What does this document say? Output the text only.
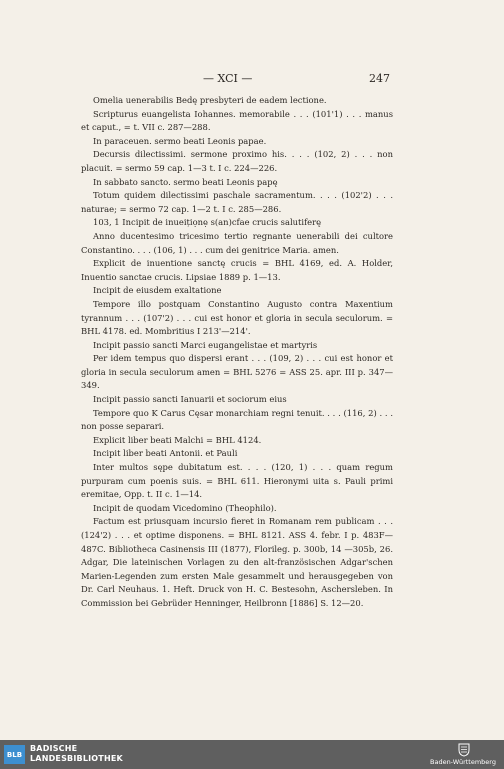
— XCI —	247

Omelia uenerabilis Bedę presbyteri de eadem lectione.

Scripturus euangelista Iohannes. memorabile . . . (101'1) . . . manus et caput., = t. VII c. 287—288.

In paraceuen. sermo beati Leonis papae.

Decursis dilectissimi. sermone proximo his. . . . (102, 2) . . . non placuit. = sermo 59 cap. 1—3 t. I c. 224—226.

In sabbato sancto. sermo beati Leonis papę

Totum quidem dilectissimi paschale sacramentum. . . . (102'2) . . . naturae; = sermo 72 cap. 1—2 t. I c. 285—286.

103, 1 Incipit de inueițiọnẹ s(an)cfae crucis salutiferę

Anno ducentesimo tricesimo tertio regnante uenerabili dei cultore Constantino. . . . (106, 1) . . . cum dei genitrice Maria. amen.

Explicit de inuentione sanctę crucis = BHL 4169, ed. A. Holder, Inuentio sanctae crucis. Lipsiae 1889 p. 1—13.

Incipit de eiusdem exaltatione

Tempore illo postquam Constantino Augusto contra Maxentium tyrannum . . . (107'2) . . . cui est honor et gloria in secula seculorum. = BHL 4178. ed. Mombritius I 213'—214'.

Incipit passio sancti Marci eugangelistae et martyris

Per idem tempus quo dispersi erant . . . (109, 2) . . . cui est honor et gloria in secula seculorum amen = BHL 5276 = ASS 25. apr. III p. 347—349.

Incipit passio sancti Ianuarii et sociorum eius

Tempore quo K Carus Cęsar monarchiam regni tenuit. . . . (116, 2) . . . non posse separari.

Explicit liber beati Malchi = BHL 4124.

Incipit liber beati Antonii. et Pauli

Inter multos sępe dubitatum est. . . . (120, 1) . . . quam regum purpuram cum poenis suis. = BHL 611. Hieronymi uita s. Pauli primi eremitae, Opp. t. II c. 1—14.

Incipit de quodam Vicedomino (Theophilo).

Factum est priusquam incursio fieret in Romanam rem publicam . . . (124'2) . . . et optime disponens. = BHL 8121. ASS 4. febr. I p. 483F—487C. Bibliotheca Casinensis III (1877), Florileg. p. 300b, 14 —305b, 26. Adgar, Die lateinischen Vorlagen zu den alt-französischen Adgar'schen Marien-Legenden zum ersten Male gesammelt und herausgegeben von Dr. Carl Neuhaus. 1. Heft. Druck von H. C. Bestesohn, Aschersleben. In Commission bei Gebrüder Henninger, Heilbronn [1886] S. 12—20.

BLB
BADISCHE
LANDESBIBLIOTHEK	Baden-Württemberg
